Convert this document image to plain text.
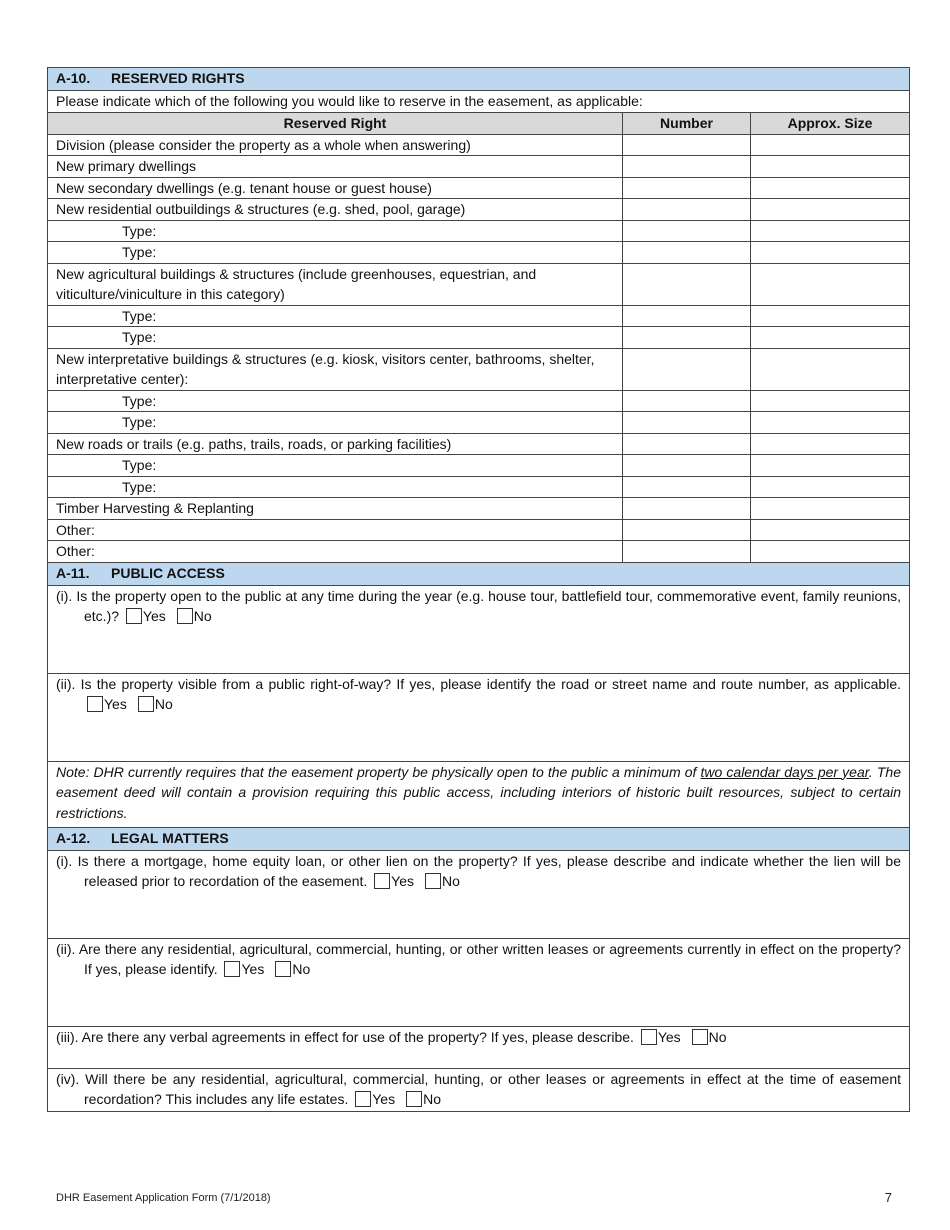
A-10. RESERVED RIGHTS		
Please indicate which of the following you would like to reserve in the easement, as applicable:		
Reserved Right	Number	Approx. Size
Division (please consider the property as a whole when answering)		
New primary dwellings		
New secondary dwellings (e.g. tenant house or guest house)		
New residential outbuildings & structures (e.g. shed, pool, garage)		
Type:		
Type:		
New agricultural buildings & structures (include greenhouses, equestrian, and viticulture/viniculture in this category)		
Type:		
Type:		
New interpretative buildings & structures (e.g. kiosk, visitors center, bathrooms, shelter, interpretative center):		
Type:		
Type:		
New roads or trails (e.g. paths, trails, roads, or parking facilities)		
Type:		
Type:		
Timber Harvesting & Replanting		
Other:		
Other:		
A-11. PUBLIC ACCESS		

(i). Is the property open to the public at any time during the year (e.g. house tour, battlefield tour, commemorative event, family reunions, etc.)? Yes No		

(ii). Is the property visible from a public right-of-way? If yes, please identify the road or street name and route number, as applicable. Yes No		

Note: DHR currently requires that the easement property be physically open to the public a minimum of two calendar days per year. The easement deed will contain a provision requiring this public access, including interiors of historic built resources, subject to certain restrictions.		
A-12. LEGAL MATTERS		

(i). Is there a mortgage, home equity loan, or other lien on the property? If yes, please describe and indicate whether the lien will be released prior to recordation of the easement. Yes No		

(ii). Are there any residential, agricultural, commercial, hunting, or other written leases or agreements currently in effect on the property? If yes, please identify. Yes No		

(iii). Are there any verbal agreements in effect for use of the property? If yes, please describe. Yes No		

(iv). Will there be any residential, agricultural, commercial, hunting, or other leases or agreements in effect at the time of easement recordation? This includes any life estates. Yes No		
DHR Easement Application Form (7/1/2018)	7
